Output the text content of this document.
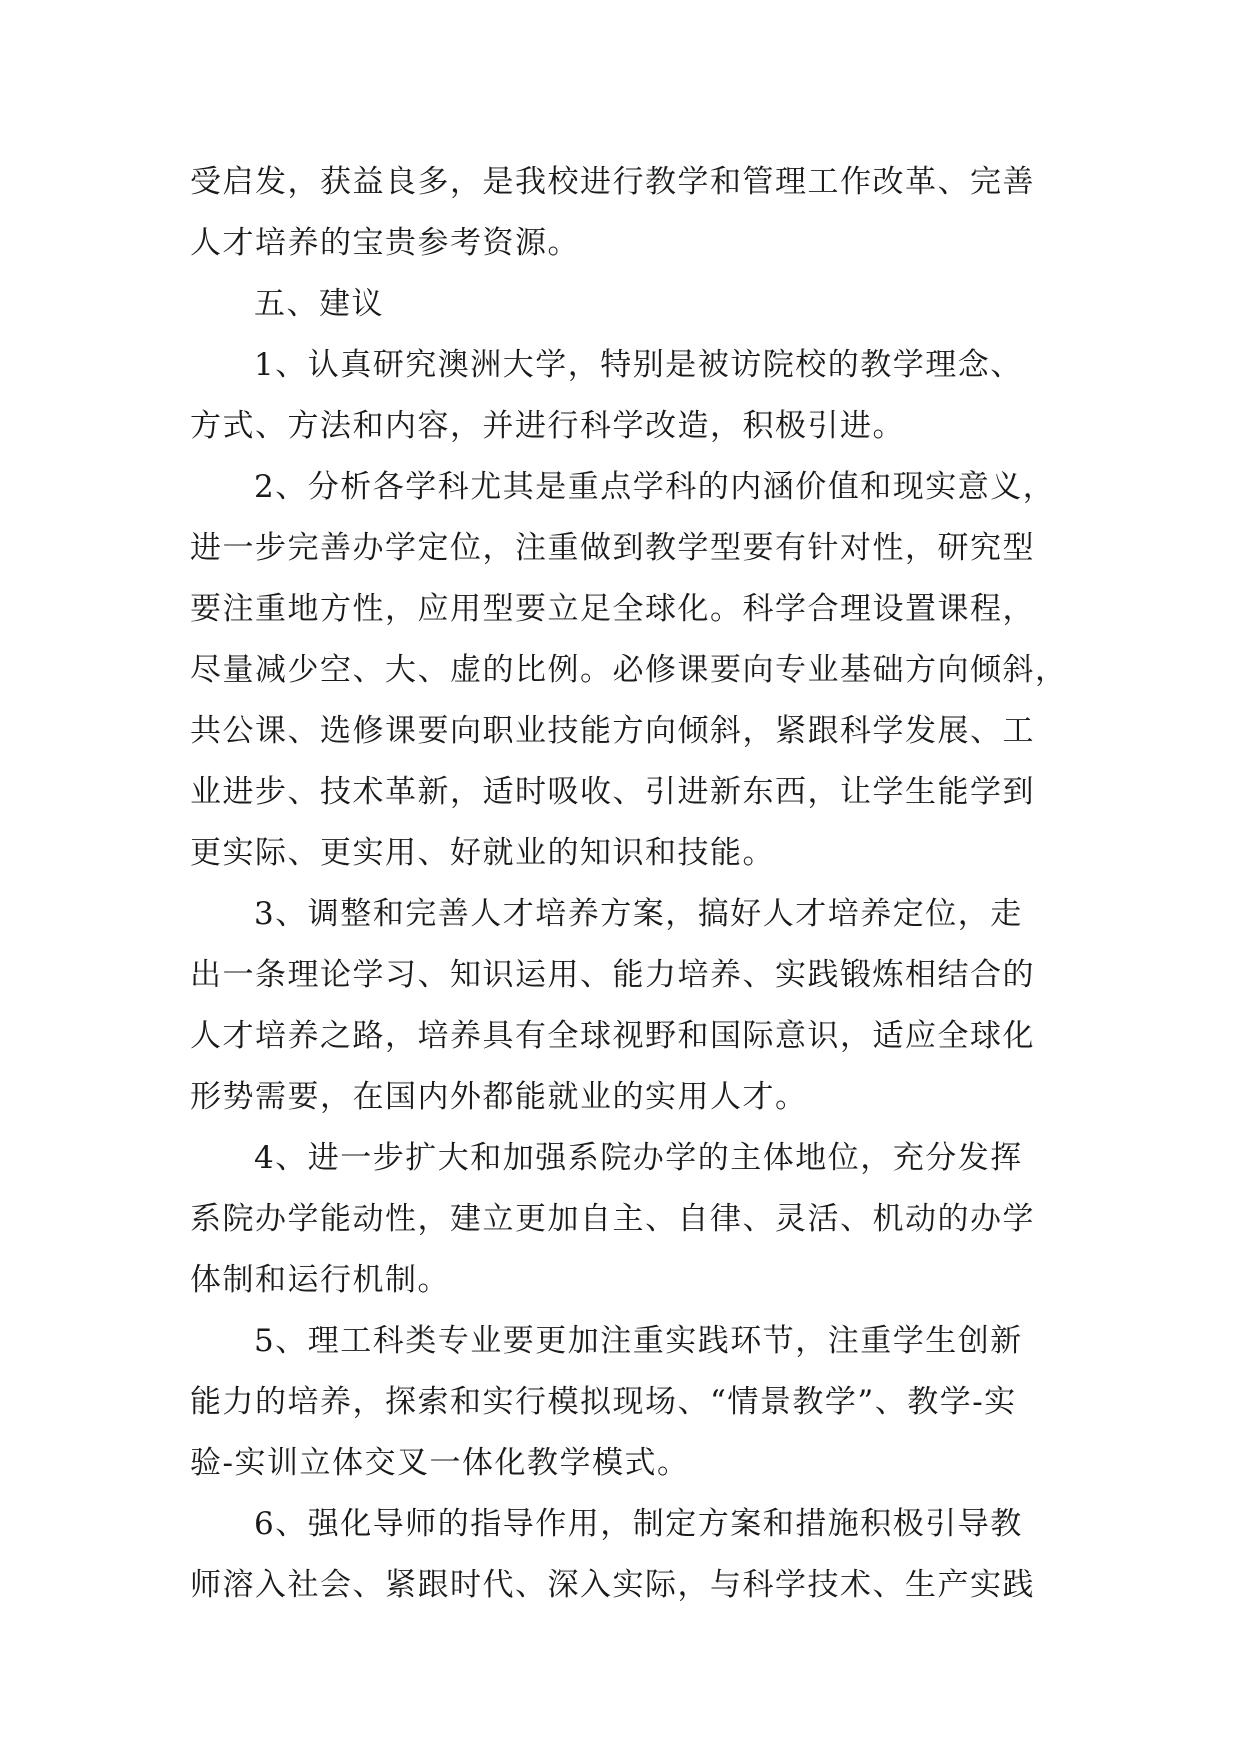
受启发，获益良多，是我校进行教学和管理工作改革、完善
人才培养的宝贵参考资源。
五、建议
1、认真研究澳洲大学，特别是被访院校的教学理念、
方式、方法和内容，并进行科学改造，积极引进。
2、分析各学科尤其是重点学科的内涵价值和现实意义，
进一步完善办学定位，注重做到教学型要有针对性，研究型
要注重地方性，应用型要立足全球化。科学合理设置课程，
尽量减少空、大、虚的比例。必修课要向专业基础方向倾斜，
共公课、选修课要向职业技能方向倾斜，紧跟科学发展、工
业进步、技术革新，适时吸收、引进新东西，让学生能学到
更实际、更实用、好就业的知识和技能。
3、调整和完善人才培养方案，搞好人才培养定位，走
出一条理论学习、知识运用、能力培养、实践锻炼相结合的
人才培养之路，培养具有全球视野和国际意识，适应全球化
形势需要，在国内外都能就业的实用人才。
4、进一步扩大和加强系院办学的主体地位，充分发挥
系院办学能动性，建立更加自主、自律、灵活、机动的办学
体制和运行机制。
5、理工科类专业要更加注重实践环节，注重学生创新
能力的培养，探索和实行模拟现场、“情景教学”、教学-实
验-实训立体交叉一体化教学模式。
6、强化导师的指导作用，制定方案和措施积极引导教
师溶入社会、紧跟时代、深入实际，与科学技术、生产实践
